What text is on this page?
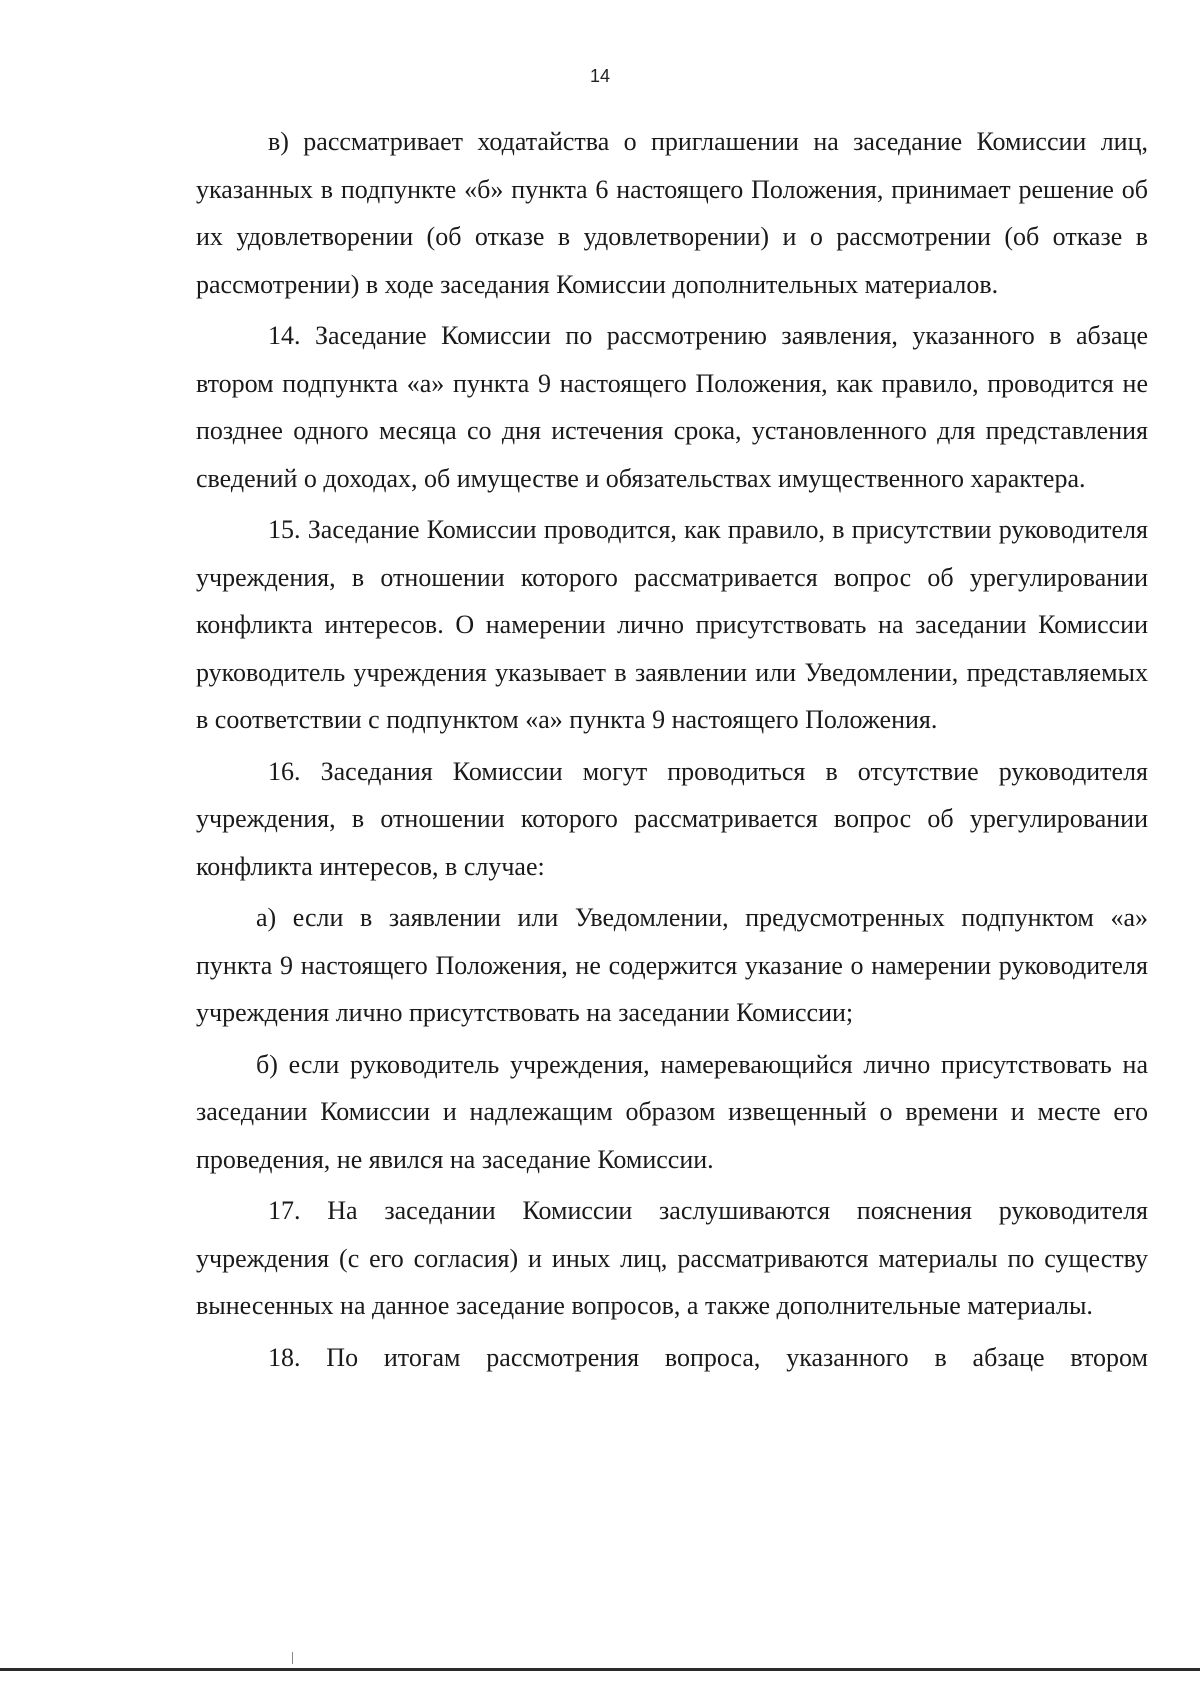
14

в) рассматривает ходатайства о приглашении на заседание Комиссии лиц, указанных в подпункте «б» пункта 6 настоящего Положения, принимает решение об их удовлетворении (об отказе в удовлетворении) и о рассмотрении (об отказе в рассмотрении) в ходе заседания Комиссии дополнительных материалов.

14. Заседание Комиссии по рассмотрению заявления, указанного в абзаце втором подпункта «а» пункта 9 настоящего Положения, как правило, проводится не позднее одного месяца со дня истечения срока, установленного для представления сведений о доходах, об имуществе и обязательствах имущественного характера.

15. Заседание Комиссии проводится, как правило, в присутствии руководителя учреждения, в отношении которого рассматривается вопрос об урегулировании конфликта интересов. О намерении лично присутствовать на заседании Комиссии руководитель учреждения указывает в заявлении или Уведомлении, представляемых в соответствии с подпунктом «а» пункта 9 настоящего Положения.

16. Заседания Комиссии могут проводиться в отсутствие руководителя учреждения, в отношении которого рассматривается вопрос об урегулировании конфликта интересов, в случае:

а) если в заявлении или Уведомлении, предусмотренных подпунктом «а» пункта 9 настоящего Положения, не содержится указание о намерении руководителя учреждения лично присутствовать на заседании Комиссии;

б) если руководитель учреждения, намеревающийся лично присутствовать на заседании Комиссии и надлежащим образом извещенный о времени и месте его проведения, не явился на заседание Комиссии.

17. На заседании Комиссии заслушиваются пояснения руководителя учреждения (с его согласия) и иных лиц, рассматриваются материалы по существу вынесенных на данное заседание вопросов, а также дополнительные материалы.

18. По итогам рассмотрения вопроса, указанного в абзаце втором
